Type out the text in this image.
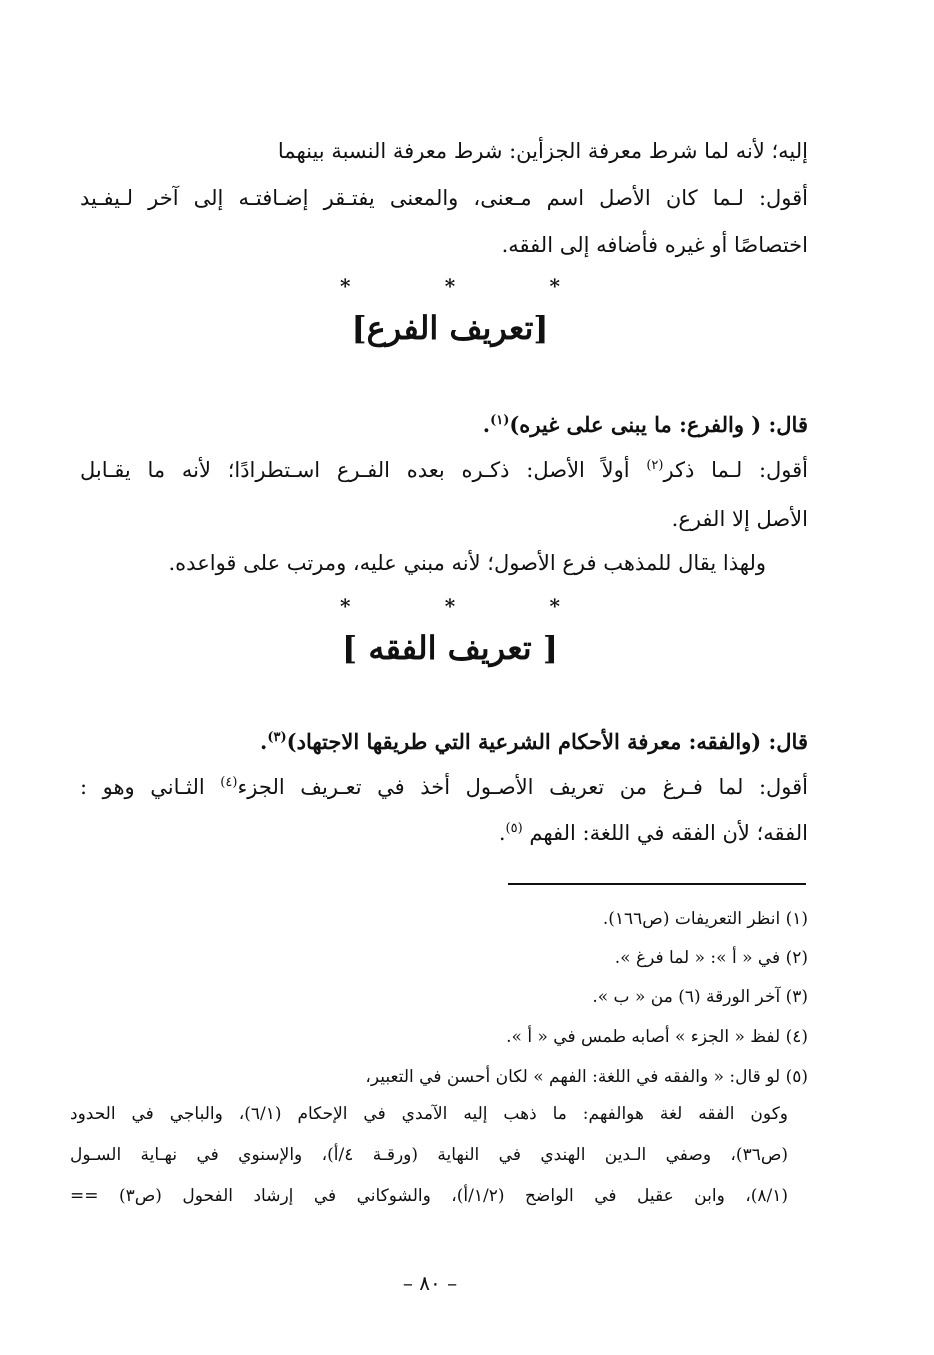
إليه؛ لأنه لما شرط معرفة الجزأين: شرط معرفة النسبة بينهما
أقول: لـما كان الأصل اسم مـعنى، والمعنى يفتـقر إضـافتـه إلى آخر لـيفـيد
اختصاصًا أو غيره فأضافه إلى الفقه.
*	*	*
[تعريف الفرع]
قال: ( والفرع: ما يبنى على غيره)$^{(١)}$.
أقول: لـما ذكر$^{(٢)}$ أولاً الأصل: ذكـره بعده الفـرع اسـتطرادًا؛ لأنه ما يقـابل
الأصل إلا الفرع.
ولهذا يقال للمذهب فرع الأصول؛ لأنه مبني عليه، ومرتب على قواعده.
*	*	*
[ تعريف الفقه ]
قال: (والفقه: معرفة الأحكام الشرعية التي طريقها الاجتهاد)$^{(٣)}$.
أقول: لما فـرغ من تعريف الأصـول أخذ في تعـريف الجزء$^{(٤)}$ الثـاني وهو :
الفقه؛ لأن الفقه في اللغة: الفهم $^{(٥)}$.
(١) انظر التعريفات (ص١٦٦).
(٢) في « أ »: « لما فرغ ».
(٣) آخر الورقة (٦) من « ب ».
(٤) لفظ « الجزء » أصابه طمس في « أ ».
(٥) لو قال: « والفقه في اللغة: الفهم » لكان أحسن في التعبير،
وكون الفقه لغة هوالفهم: ما ذهب إليه الآمدي في الإحكام (٦/١)، والباجي في الحدود
(ص٣٦)، وصفي الـدين الهندي في النهاية (ورقـة ٤/أ)، والإسنوي في نهـاية السـول
(٨/١)، وابن عقيل في الواضح (١/٢/أ)، والشوكاني في إرشاد الفحول (ص٣) ==
– ٨٠ –
